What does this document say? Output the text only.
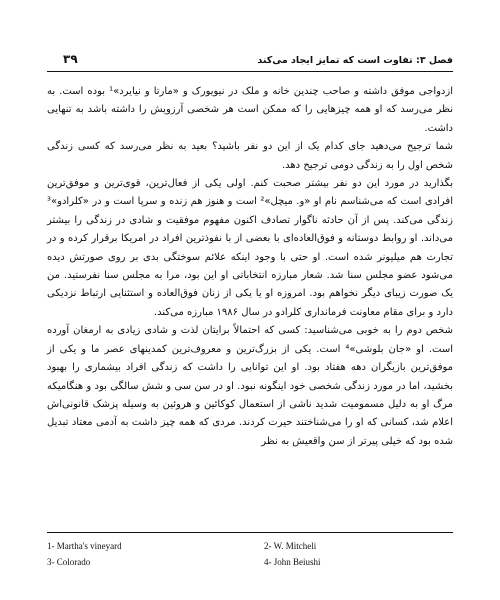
۳۹	فصل ۳: تفاوت است که تمایز ایجاد می‌کند

ازدواجی موفق داشته و صاحب چندین خانه و ملک در نیویورک و «مارتا و نیایرد»¹ بوده است. به نظر می‌رسد که او همه چیزهایی را که ممکن است هر شخصی آرزویش را داشته باشد به تنهایی داشت.

شما ترجیح می‌دهید جای کدام یک از این دو نفر باشید؟ بعید به نظر می‌رسد که کسی زندگی شخص اول را به زندگی دومی ترجیح دهد.

بگذارید در مورد این دو نفر بیشتر صحبت کنم. اولی یکی از فعال‌ترین، قوی‌ترین و موفق‌ترین افرادی است که می‌شناسم نام او «و. میچل»² است و هنوز هم زنده و سرپا است و در «کلرادو»³ زندگی می‌کند. پس از آن حادثه ناگوار تصادف اکنون مفهوم موفقیت و شادی در زندگی را بیشتر می‌داند. او روابط دوستانه و فوق‌العاده‌ای با بعضی از با نفوذترین افراد در امریکا برقرار کرده و در تجارت هم میلیونر شده است. او حتی با وجود اینکه علائم سوختگی بدی بر روی صورتش دیده می‌شود عضو مجلس سنا شد. شعار مبارزه انتخاباتی او این بود، مرا به مجلس سنا نفرستید. من یک صورت زیبای دیگر نخواهم بود. امروزه او یا یکی از زنان فوق‌العاده و استثنایی ارتباط نزدیکی دارد و برای مقام معاونت فرمانداری کلرادو در سال ۱۹۸۶ مبارزه می‌کند.

شخص دوم را به خوبی می‌شناسید: کسی که احتمالاً برایتان لذت و شادی زیادی به ارمغان آورده است. او «جان بلوشی»⁴ است. یکی از بزرگ‌ترین و معروف‌ترین کمدینهای عصر ما و یکی از موفق‌ترین بازیگران دهه هفتاد بود. او این توانایی را داشت که زندگی افراد بیشماری را بهبود بخشید، اما در مورد زندگی شخصی خود اینگونه نبود. او در سن سی و شش سالگی بود و هنگامیکه مرگ او به دلیل مسمومیت شدید ناشی از استعمال کوکائین و هروئین به وسیله پزشک قانونی‌اش اعلام شد، کسانی که او را می‌شناختند حیرت کردند. مردی که همه چیز داشت به آدمی معتاد تبدیل شده بود که خیلی پیرتر از سن واقعیش به نظر

1- Martha's vineyard	2- W. Mitcheli
3- Colorado	4- John Beiushi
